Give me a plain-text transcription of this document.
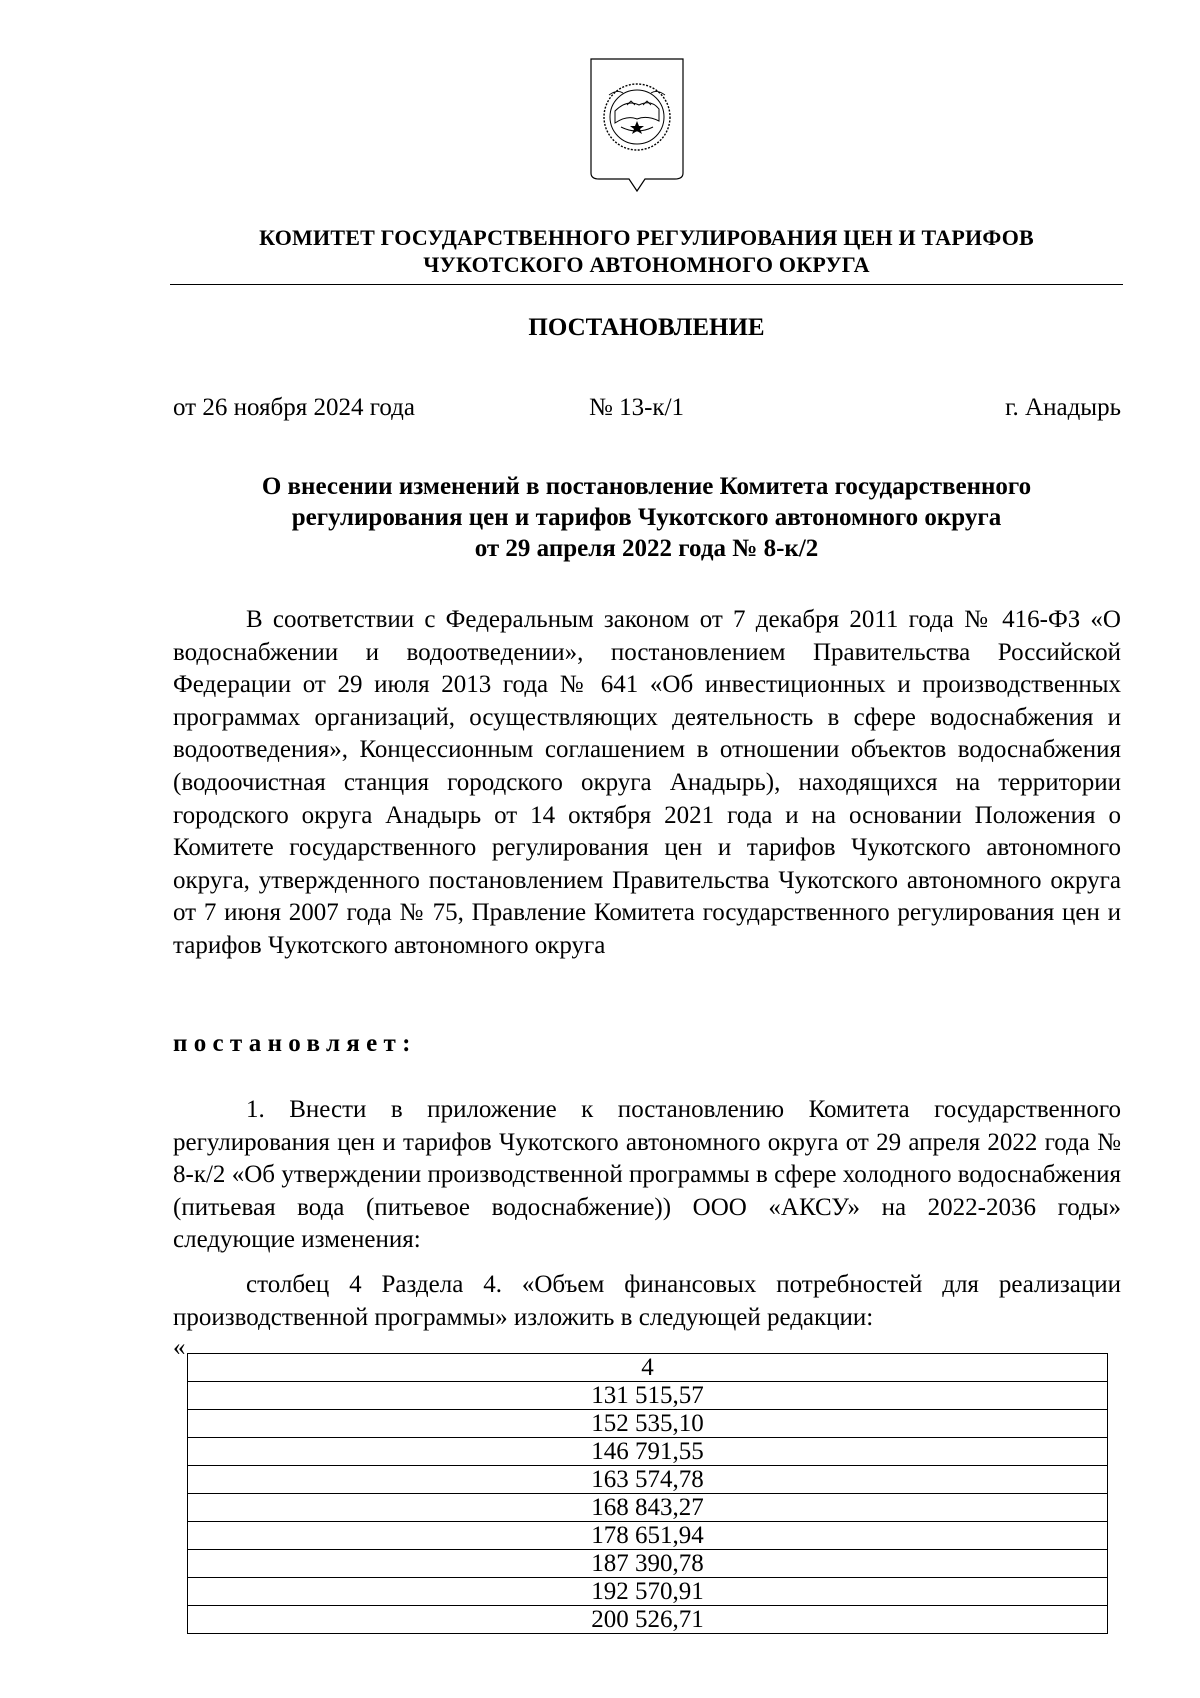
КОМИТЕТ ГОСУДАРСТВЕННОГО РЕГУЛИРОВАНИЯ ЦЕН И ТАРИФОВ
ЧУКОТСКОГО АВТОНОМНОГО ОКРУГА
ПОСТАНОВЛЕНИЕ
от 26 ноября 2024 года	№ 13-к/1	г. Анадырь
О внесении изменений в постановление Комитета государственного
регулирования цен и тарифов Чукотского автономного округа
от 29 апреля 2022 года № 8-к/2

В соответствии с Федеральным законом от 7 декабря 2011 года № 416-ФЗ «О водоснабжении и водоотведении», постановлением Правительства Российской Федерации от 29 июля 2013 года № 641 «Об инвестиционных и производственных программах организаций, осуществляющих деятельность в сфере водоснабжения и водоотведения», Концессионным соглашением в отношении объектов водоснабжения (водоочистная станция городского округа Анадырь), находящихся на территории городского округа Анадырь от 14 октября 2021 года и на основании Положения о Комитете государственного регулирования цен и тарифов Чукотского автономного округа, утвержденного постановлением Правительства Чукотского автономного округа от 7 июня 2007 года № 75, Правление Комитета государственного регулирования цен и тарифов Чукотского автономного округа

постановляет:

1. Внести в приложение к постановлению Комитета государственного регулирования цен и тарифов Чукотского автономного округа от 29 апреля 2022 года № 8-к/2 «Об утверждении производственной программы в сфере холодного водоснабжения (питьевая вода (питьевое водоснабжение)) ООО «АКСУ» на 2022-2036 годы» следующие изменения:

столбец 4 Раздела 4. «Объем финансовых потребностей для реализации производственной программы» изложить в следующей редакции:

«
4
131 515,57
152 535,10
146 791,55
163 574,78
168 843,27
178 651,94
187 390,78
192 570,91
200 526,71
